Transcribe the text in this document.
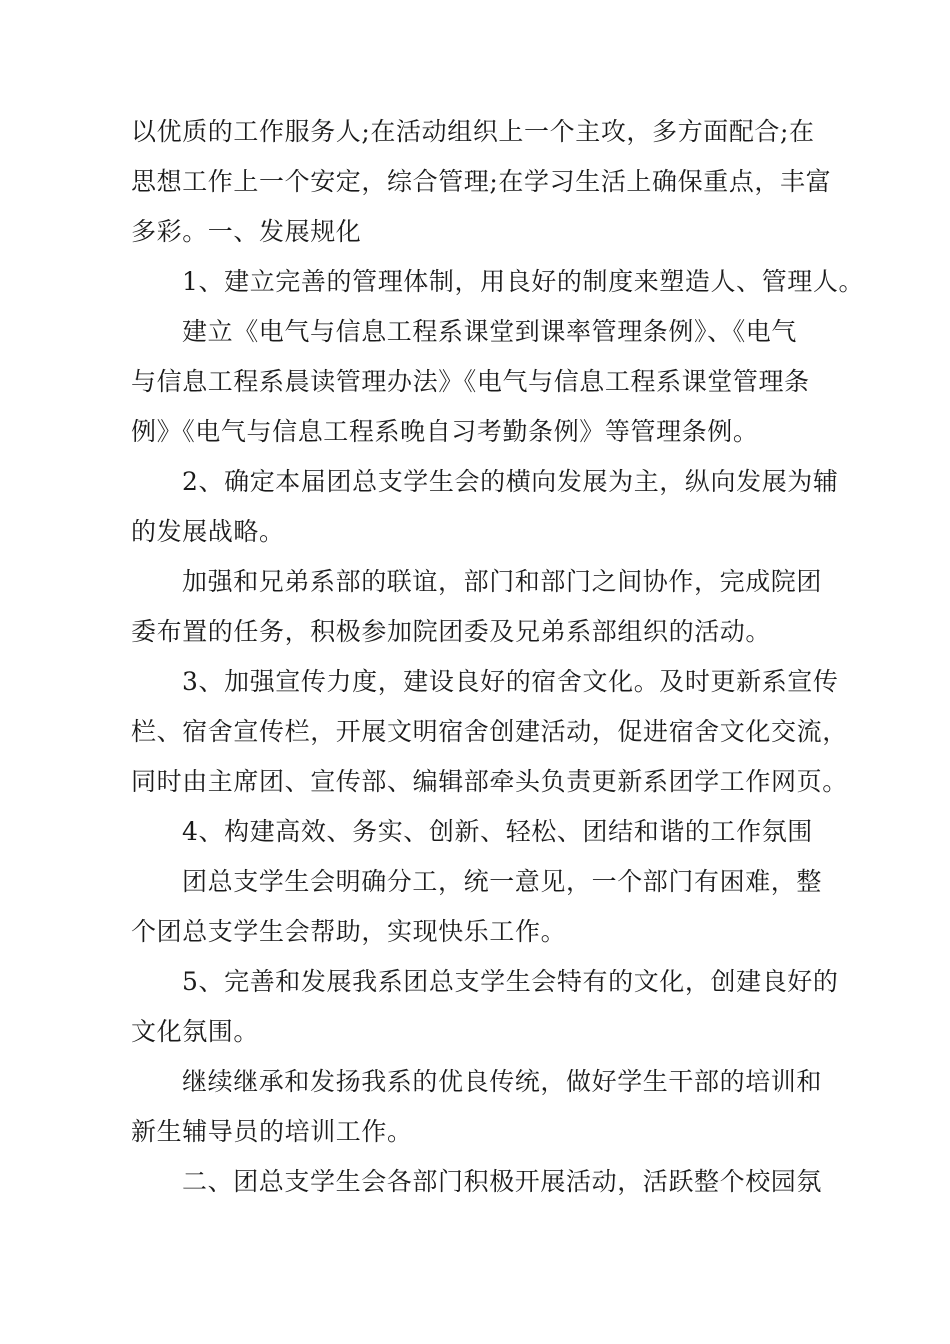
以优质的工作服务人;在活动组织上一个主攻，多方面配合;在
思想工作上一个安定，综合管理;在学习生活上确保重点，丰富
多彩。一、发展规化
1、建立完善的管理体制，用良好的制度来塑造人、管理人。
建立《电气与信息工程系课堂到课率管理条例》、《电气
与信息工程系晨读管理办法》《电气与信息工程系课堂管理条
例》《电气与信息工程系晚自习考勤条例》等管理条例。
2、确定本届团总支学生会的横向发展为主，纵向发展为辅
的发展战略。
加强和兄弟系部的联谊，部门和部门之间协作，完成院团
委布置的任务，积极参加院团委及兄弟系部组织的活动。
3、加强宣传力度，建设良好的宿舍文化。及时更新系宣传
栏、宿舍宣传栏，开展文明宿舍创建活动，促进宿舍文化交流，
同时由主席团、宣传部、编辑部牵头负责更新系团学工作网页。
4、构建高效、务实、创新、轻松、团结和谐的工作氛围
团总支学生会明确分工，统一意见，一个部门有困难，整
个团总支学生会帮助，实现快乐工作。
5、完善和发展我系团总支学生会特有的文化，创建良好的
文化氛围。
继续继承和发扬我系的优良传统，做好学生干部的培训和
新生辅导员的培训工作。
二、团总支学生会各部门积极开展活动，活跃整个校园氛
